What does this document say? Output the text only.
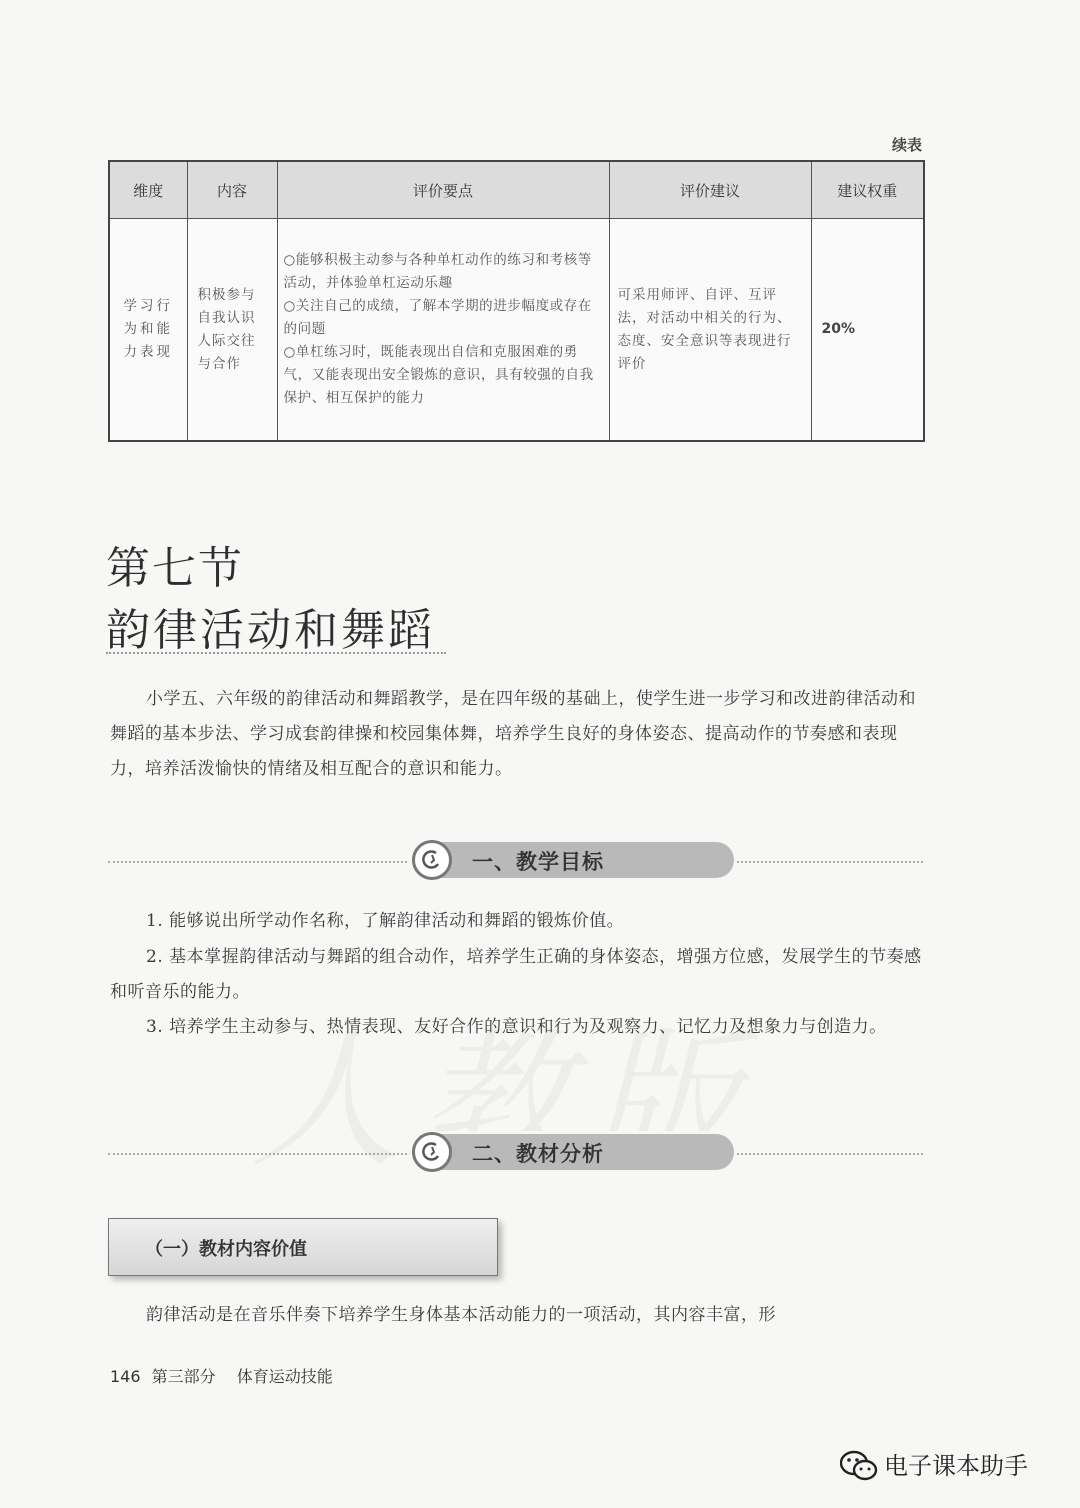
续表
维度	内容	评价要点	评价建议	建议权重
学习行为和能力表现	积极参与自我认识人际交往与合作	○能够积极主动参与各种单杠动作的练习和考核等活动，并体验单杠运动乐趣

○关注自己的成绩，了解本学期的进步幅度或存在的问题

○单杠练习时，既能表现出自信和克服困难的勇气，又能表现出安全锻炼的意识，具有较强的自我保护、相互保护的能力	可采用师评、自评、互评法，对活动中相关的行为、态度、安全意识等表现进行评价	20%
第七节
韵律活动和舞蹈

小学五、六年级的韵律活动和舞蹈教学，是在四年级的基础上，使学生进一步学习和改进韵律活动和舞蹈的基本步法、学习成套韵律操和校园集体舞，培养学生良好的身体姿态、提高动作的节奏感和表现力，培养活泼愉快的情绪及相互配合的意识和能力。

一、教学目标

1. 能够说出所学动作名称，了解韵律活动和舞蹈的锻炼价值。

2. 基本掌握韵律活动与舞蹈的组合动作，培养学生正确的身体姿态，增强方位感，发展学生的节奏感和听音乐的能力。

3. 培养学生主动参与、热情表现、友好合作的意识和行为及观察力、记忆力及想象力与创造力。

二、教材分析
（一）教材内容价值

韵律活动是在音乐伴奏下培养学生身体基本活动能力的一项活动，其内容丰富，形

146 第三部分 体育运动技能
电子课本助手
